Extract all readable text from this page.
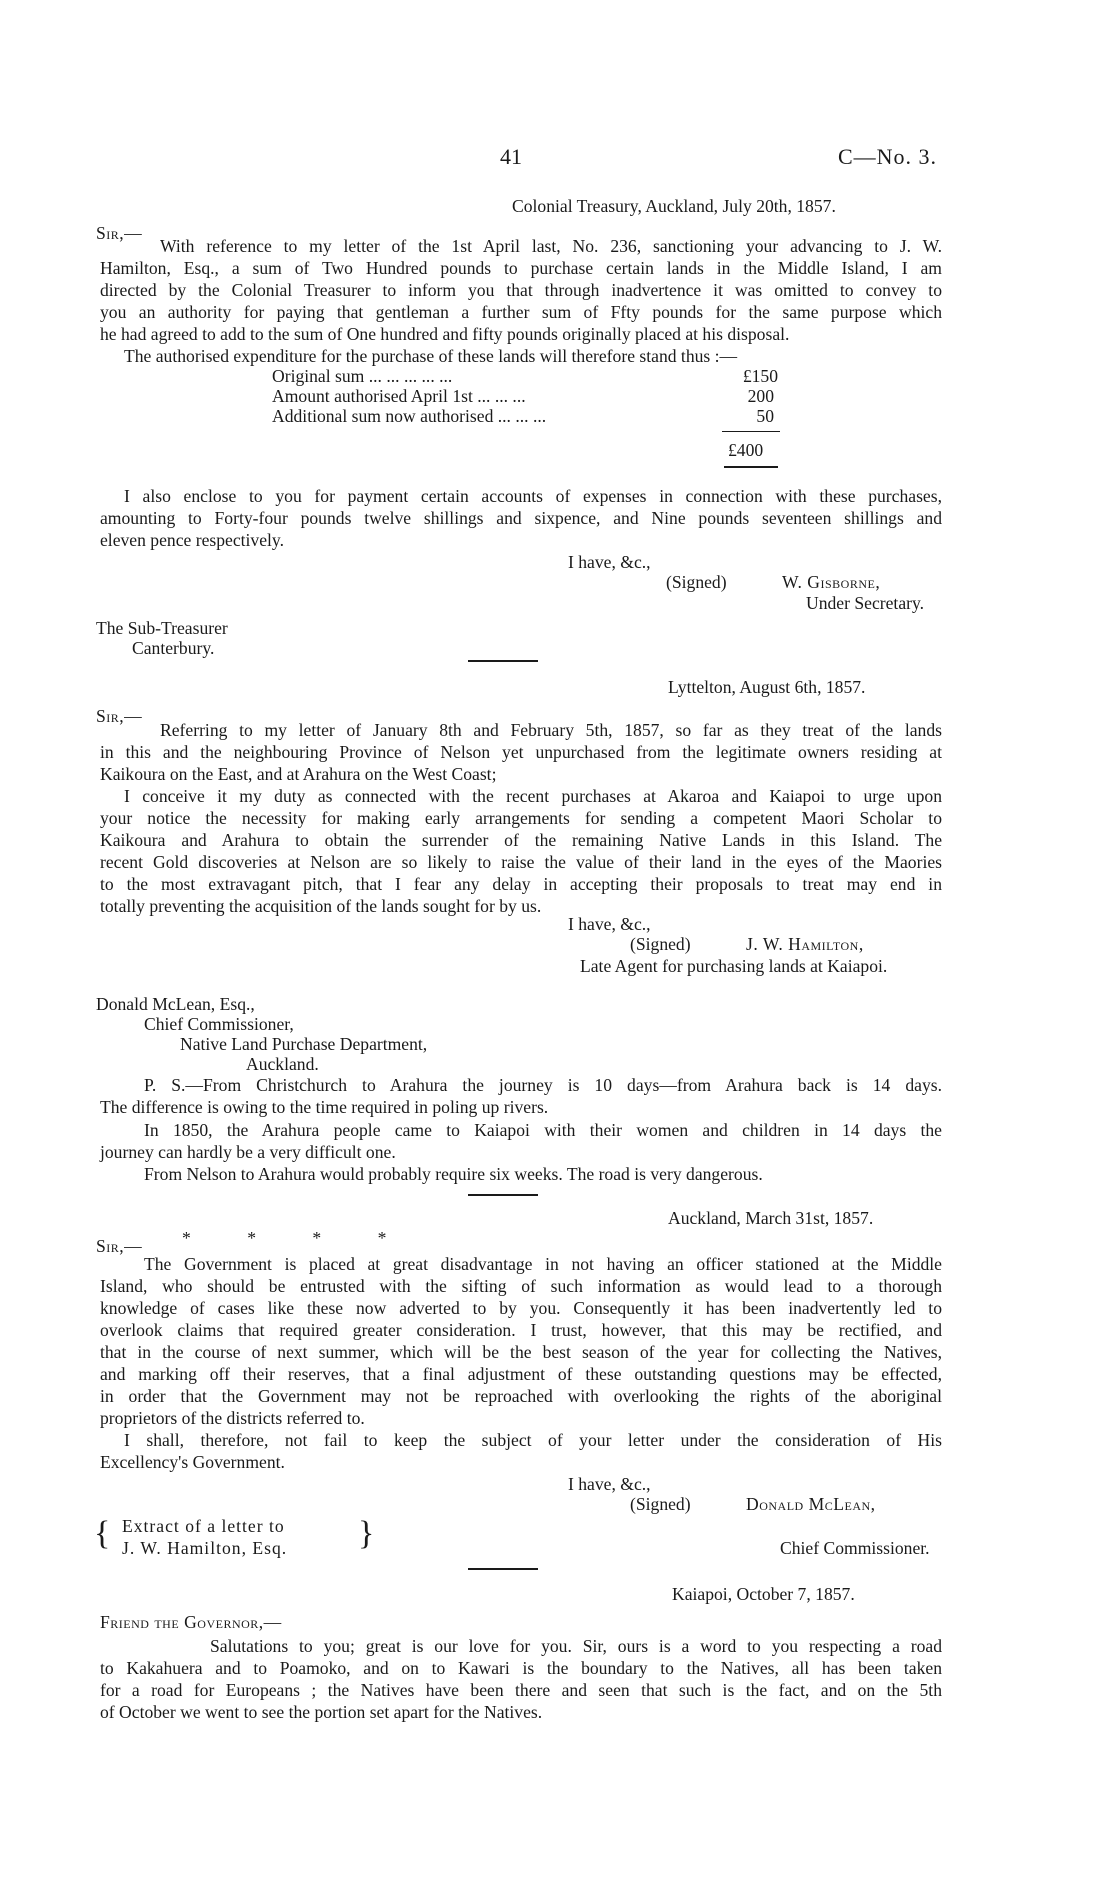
41	C—No. 3.
Colonial Treasury, Auckland, July 20th, 1857.
Sir,—
With reference to my letter of the 1st April last, No. 236, sanctioning your advancing to J. W.
Hamilton, Esq., a sum of Two Hundred pounds to purchase certain lands in the Middle Island, I am
directed by the Colonial Treasurer to inform you that through inadvertence it was omitted to convey to
you an authority for paying that gentleman a further sum of Ffty pounds for the same purpose which
he had agreed to add to the sum of One hundred and fifty pounds originally placed at his disposal.
The authorised expenditure for the purchase of these lands will therefore stand thus :—
Original sum ... ... ... ... ...	£150
Amount authorised April 1st ... ... ...	200
Additional sum now authorised ... ... ...	50
£400
I also enclose to you for payment certain accounts of expenses in connection with these purchases,
amounting to Forty-four pounds twelve shillings and sixpence, and Nine pounds seventeen shillings and
eleven pence respectively.
I have, &c.,
(Signed)	W. Gisborne,
Under Secretary.
The Sub-Treasurer
Canterbury.
Lyttelton, August 6th, 1857.
Sir,—
Referring to my letter of January 8th and February 5th, 1857, so far as they treat of the lands
in this and the neighbouring Province of Nelson yet unpurchased from the legitimate owners residing at
Kaikoura on the East, and at Arahura on the West Coast;
I conceive it my duty as connected with the recent purchases at Akaroa and Kaiapoi to urge upon
your notice the necessity for making early arrangements for sending a competent Maori Scholar to
Kaikoura and Arahura to obtain the surrender of the remaining Native Lands in this Island. The
recent Gold discoveries at Nelson are so likely to raise the value of their land in the eyes of the Maories
to the most extravagant pitch, that I fear any delay in accepting their proposals to treat may end in
totally preventing the acquisition of the lands sought for by us.
I have, &c.,
(Signed)	J. W. Hamilton,
Late Agent for purchasing lands at Kaiapoi.
Donald McLean, Esq.,
Chief Commissioner,
Native Land Purchase Department,
Auckland.
P. S.—From Christchurch to Arahura the journey is 10 days—from Arahura back is 14 days.
The difference is owing to the time required in poling up rivers.
In 1850, the Arahura people came to Kaiapoi with their women and children in 14 days the
journey can hardly be a very difficult one.
From Nelson to Arahura would probably require six weeks. The road is very dangerous.
Auckland, March 31st, 1857.
Sir,— * * * *
The Government is placed at great disadvantage in not having an officer stationed at the Middle
Island, who should be entrusted with the sifting of such information as would lead to a thorough
knowledge of cases like these now adverted to by you. Consequently it has been inadvertently led to
overlook claims that required greater consideration. I trust, however, that this may be rectified, and
that in the course of next summer, which will be the best season of the year for collecting the Natives,
and marking off their reserves, that a final adjustment of these outstanding questions may be effected,
in order that the Government may not be reproached with overlooking the rights of the aboriginal
proprietors of the districts referred to.
I shall, therefore, not fail to keep the subject of your letter under the consideration of His
Excellency's Government.
I have, &c.,
(Signed)	Donald McLean,
{ Extract of a letter to
J. W. Hamilton, Esq. }	Chief Commissioner.
Kaiapoi, October 7, 1857.
Friend the Governor,—
Salutations to you; great is our love for you. Sir, ours is a word to you respecting a road
to Kakahuera and to Poamoko, and on to Kawari is the boundary to the Natives, all has been taken
for a road for Europeans ; the Natives have been there and seen that such is the fact, and on the 5th
of October we went to see the portion set apart for the Natives.
